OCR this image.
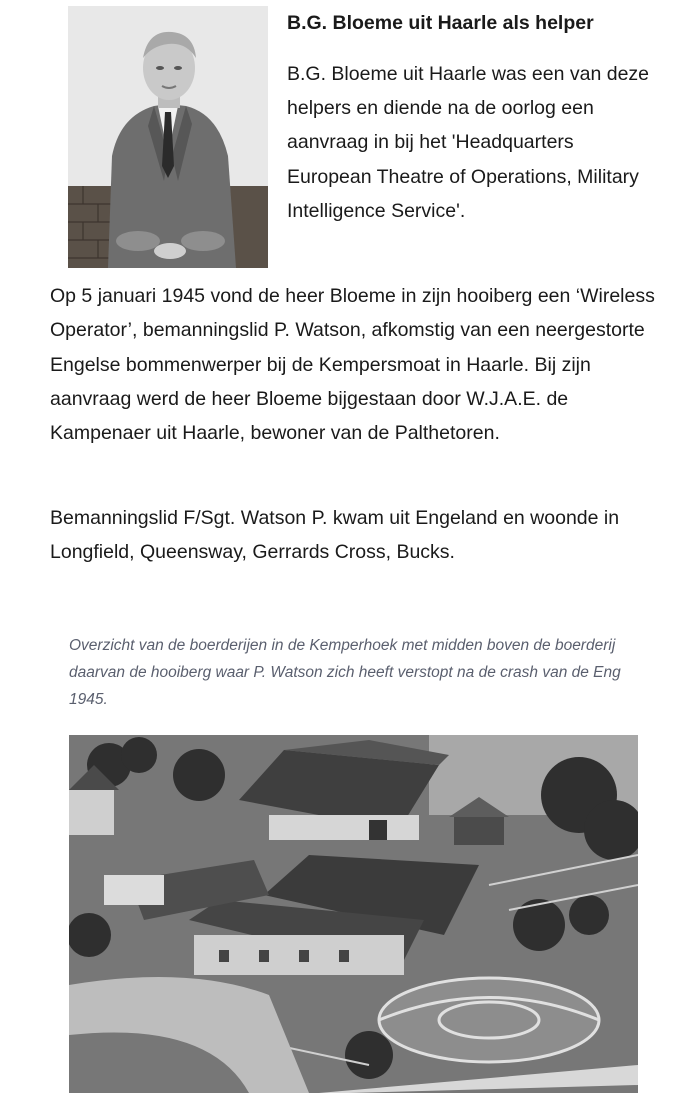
B.G. Bloeme uit Haarle als helper

B.G. Bloeme uit Haarle was een van deze helpers en diende na de oorlog een aanvraag in bij het 'Headquarters European Theatre of Operations, Military Intelligence Service'.

Op 5 januari 1945 vond de heer Bloeme in zijn hooiberg een ‘Wireless Operator’, bemanningslid P. Watson, afkomstig van een neergestorte Engelse bommenwerper bij de Kempersmoat in Haarle. Bij zijn aanvraag werd de heer Bloeme bijgestaan door W.J.A.E. de Kampenaer uit Haarle, bewoner van de Palthetoren.

Bemanningslid F/Sgt. Watson P. kwam uit Engeland en woonde in Longfield, Queensway, Gerrards Cross, Bucks.

Overzicht van de boerderijen in de Kemperhoek met midden boven de boerderij
daarvan de hooiberg waar P. Watson zich heeft verstopt na de crash van de Eng
1945.
